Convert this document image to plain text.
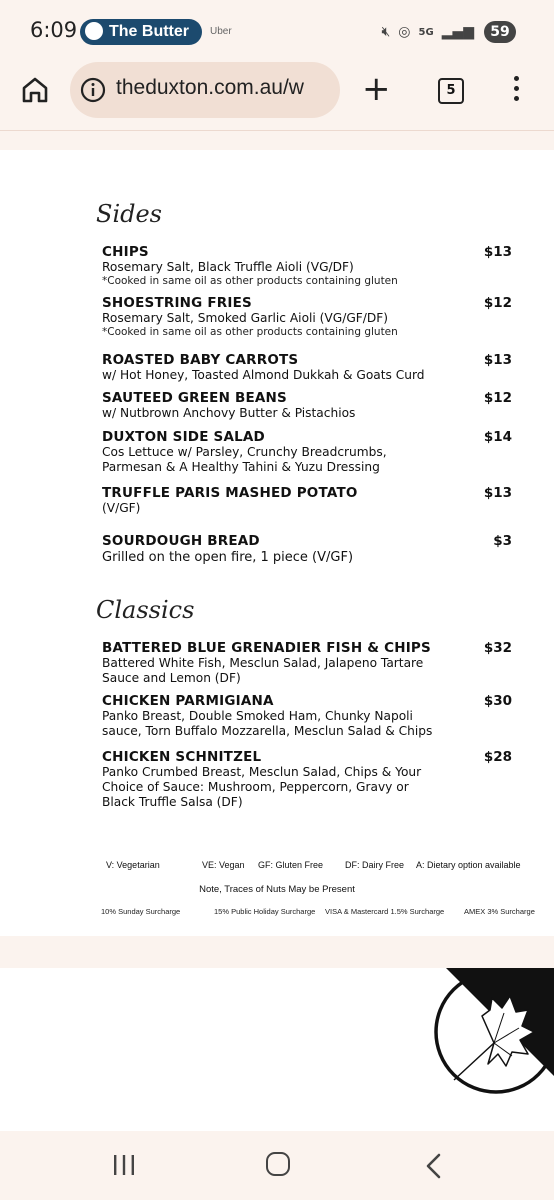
6:09	The Butter	Uber	🔇︎ ◎ 5G ▂▄▆	59
theduxton.com.au/w	+	5
Sides
CHIPS	$13
Rosemary Salt, Black Truffle Aioli (VG/DF)
*Cooked in same oil as other products containing gluten
SHOESTRING FRIES	$12
Rosemary Salt, Smoked Garlic Aioli (VG/GF/DF)
*Cooked in same oil as other products containing gluten
ROASTED BABY CARROTS	$13
w/ Hot Honey, Toasted Almond Dukkah & Goats Curd
SAUTEED GREEN BEANS	$12
w/ Nutbrown Anchovy Butter & Pistachios
DUXTON SIDE SALAD	$14
Cos Lettuce w/ Parsley, Crunchy Breadcrumbs,
Parmesan & A Healthy Tahini & Yuzu Dressing
TRUFFLE PARIS MASHED POTATO	$13
(V/GF)
SOURDOUGH BREAD	$3
Grilled on the open fire, 1 piece (V/GF)
Classics
BATTERED BLUE GRENADIER FISH & CHIPS	$32
Battered White Fish, Mesclun Salad, Jalapeno Tartare
Sauce and Lemon (DF)
CHICKEN PARMIGIANA	$30
Panko Breast, Double Smoked Ham, Chunky Napoli
sauce, Torn Buffalo Mozzarella, Mesclun Salad & Chips
CHICKEN SCHNITZEL	$28
Panko Crumbed Breast, Mesclun Salad, Chips & Your
Choice of Sauce: Mushroom, Peppercorn, Gravy or
Black Truffle Salsa (DF)
V: Vegetarian	VE: Vegan GF: Gluten Free DF: Dairy Free A: Dietary option available
Note, Traces of Nuts May be Present
10% Sunday Surcharge	15% Public Holiday Surcharge VISA & Mastercard 1.5% Surcharge	AMEX 3% Surcharge
